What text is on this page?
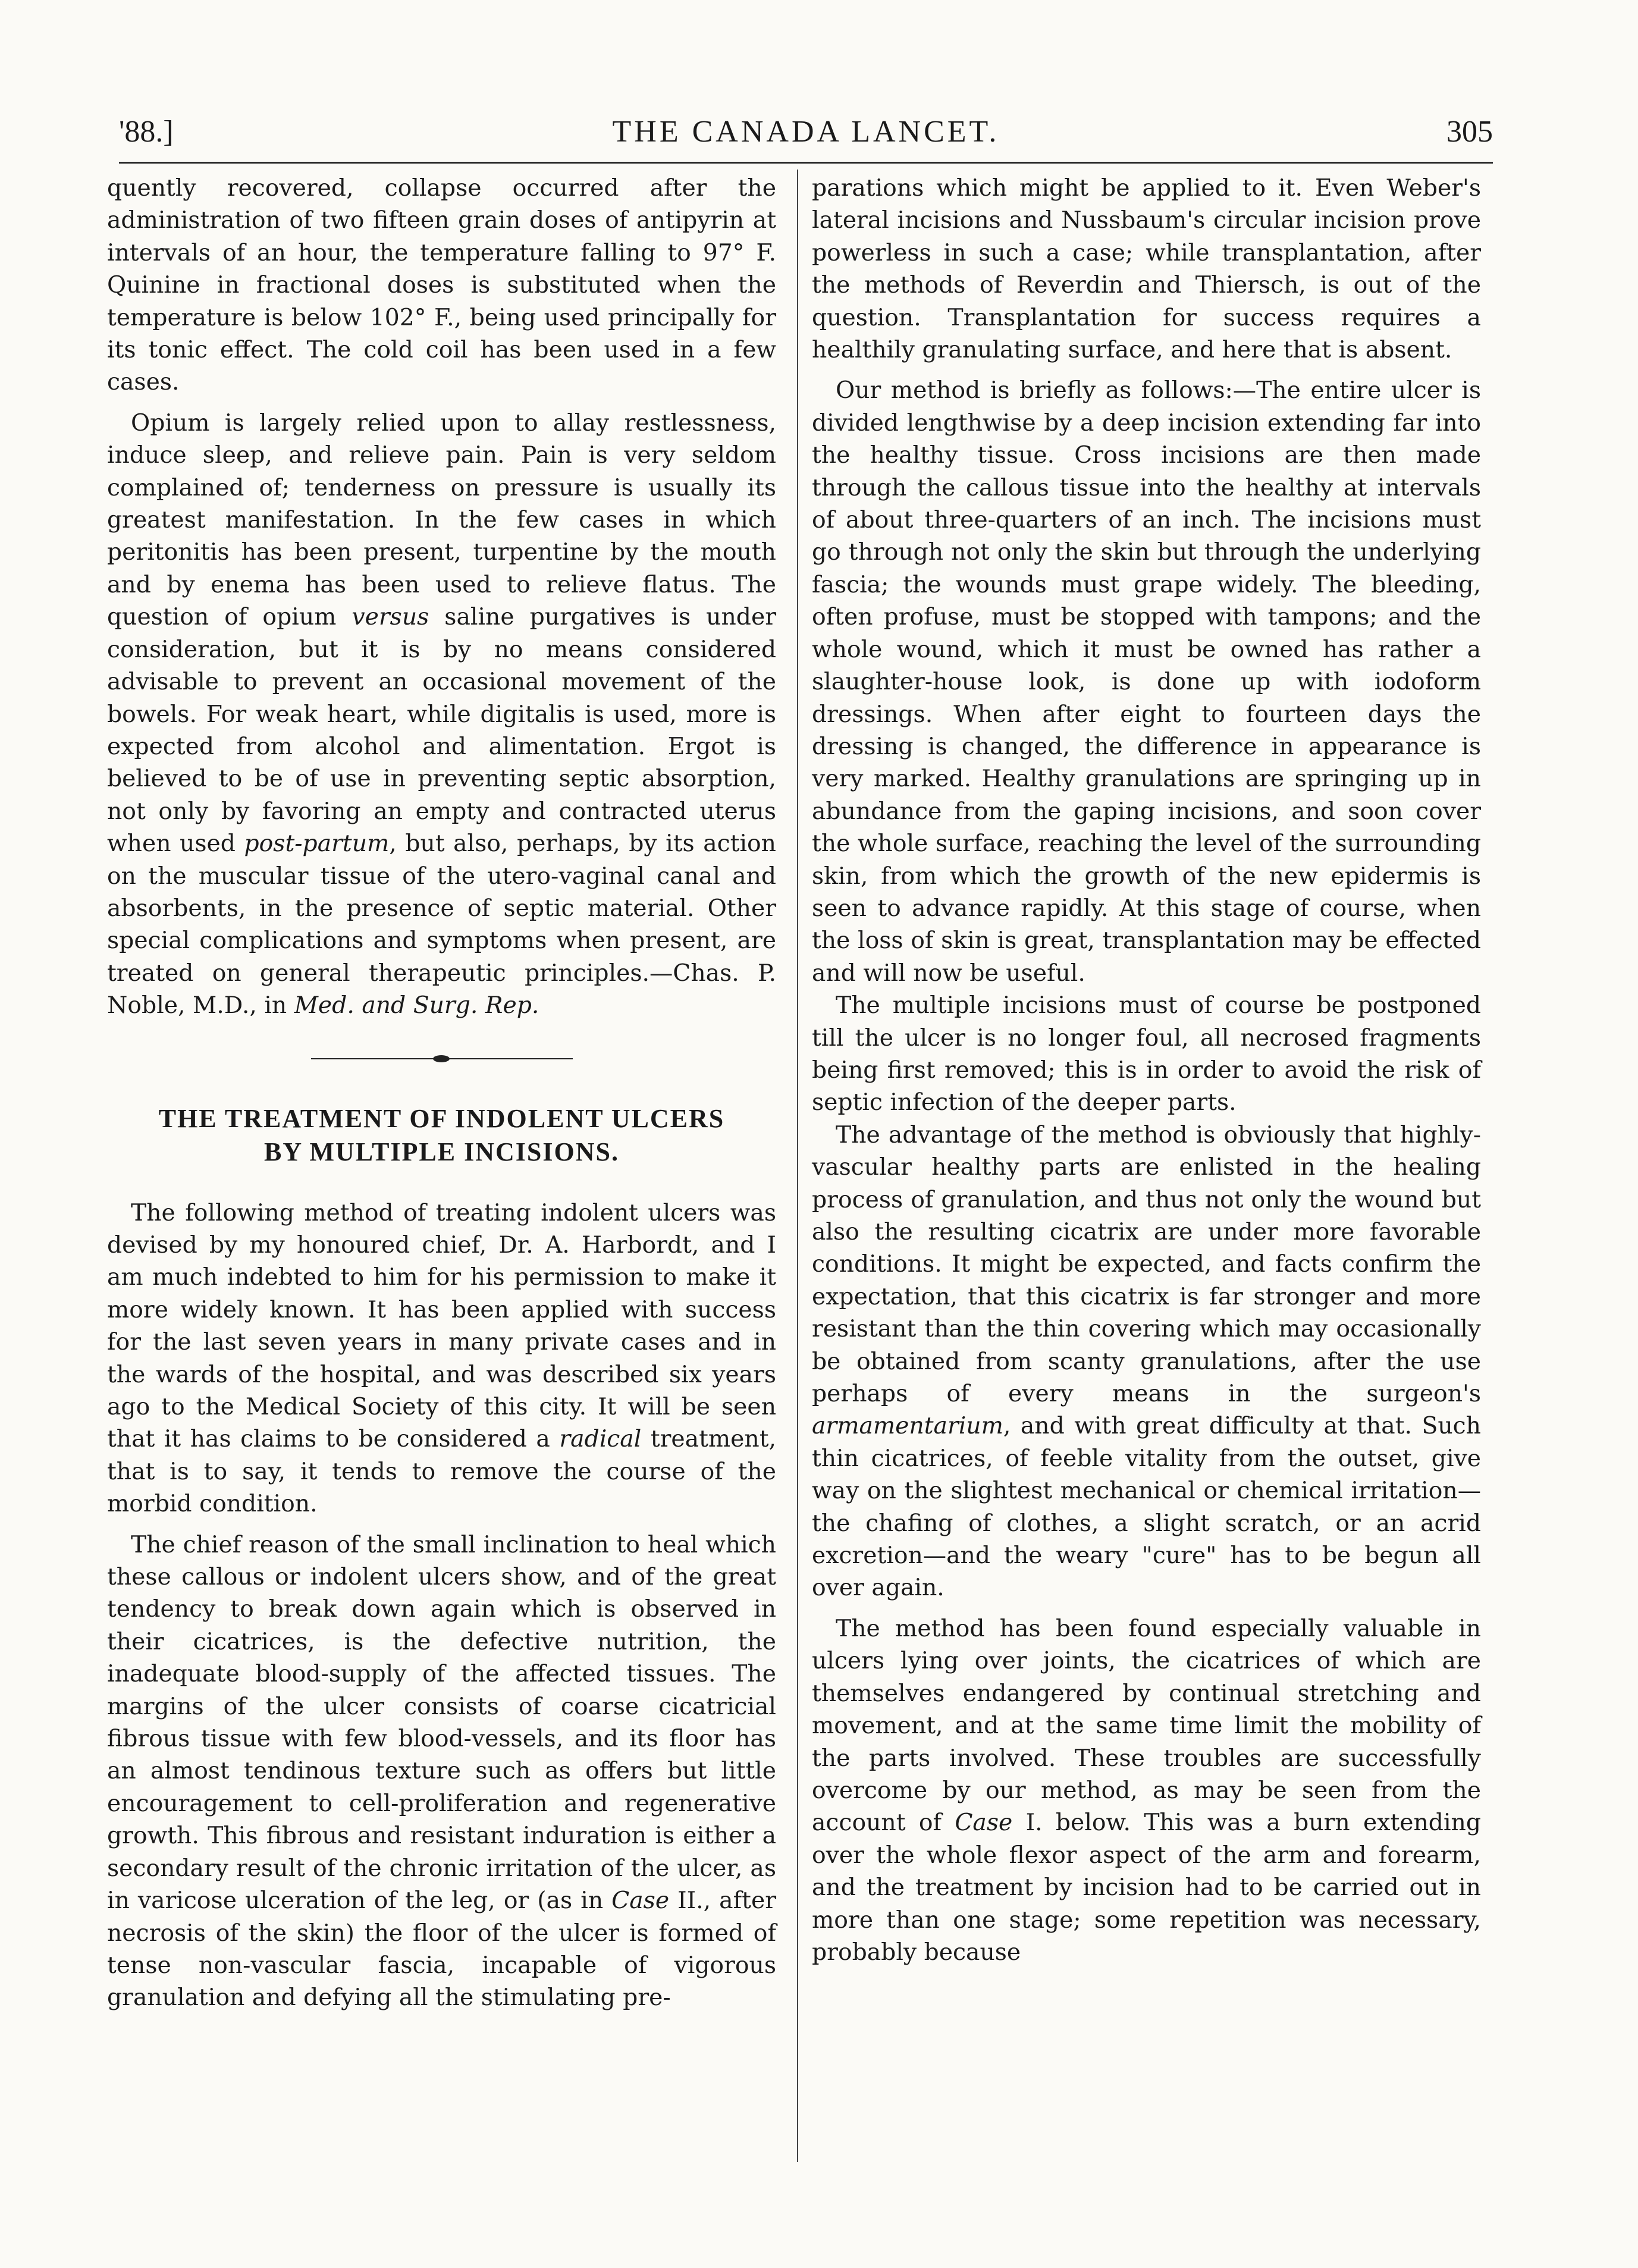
'88.]	THE CANADA LANCET.	305

quently recovered, collapse occurred after the administration of two fifteen grain doses of antipyrin at intervals of an hour, the temperature falling to 97° F. Quinine in fractional doses is substituted when the temperature is below 102° F., being used principally for its tonic effect. The cold coil has been used in a few cases.

Opium is largely relied upon to allay restlessness, induce sleep, and relieve pain. Pain is very seldom complained of; tenderness on pressure is usually its greatest manifestation. In the few cases in which peritonitis has been present, turpentine by the mouth and by enema has been used to relieve flatus. The question of opium versus saline purgatives is under consideration, but it is by no means considered advisable to prevent an occasional movement of the bowels. For weak heart, while digitalis is used, more is expected from alcohol and alimentation. Ergot is believed to be of use in preventing septic absorption, not only by favoring an empty and contracted uterus when used post-partum, but also, perhaps, by its action on the muscular tissue of the utero-vaginal canal and absorbents, in the presence of septic material. Other special complications and symptoms when present, are treated on general therapeutic principles.—Chas. P. Noble, M.D., in Med. and Surg. Rep.

THE TREATMENT OF INDOLENT ULCERS
BY MULTIPLE INCISIONS.

The following method of treating indolent ulcers was devised by my honoured chief, Dr. A. Harbordt, and I am much indebted to him for his permission to make it more widely known. It has been applied with success for the last seven years in many private cases and in the wards of the hospital, and was described six years ago to the Medical Society of this city. It will be seen that it has claims to be considered a radical treatment, that is to say, it tends to remove the course of the morbid condition.

The chief reason of the small inclination to heal which these callous or indolent ulcers show, and of the great tendency to break down again which is observed in their cicatrices, is the defective nutrition, the inadequate blood-supply of the affected tissues. The margins of the ulcer consists of coarse cicatricial fibrous tissue with few blood-vessels, and its floor has an almost tendinous texture such as offers but little encouragement to cell-proliferation and regenerative growth. This fibrous and resistant induration is either a secondary result of the chronic irritation of the ulcer, as in varicose ulceration of the leg, or (as in Case II., after necrosis of the skin) the floor of the ulcer is formed of tense non-vascular fascia, incapable of vigorous granulation and defying all the stimulating pre-

parations which might be applied to it. Even Weber's lateral incisions and Nussbaum's circular incision prove powerless in such a case; while transplantation, after the methods of Reverdin and Thiersch, is out of the question. Transplantation for success requires a healthily granulating surface, and here that is absent.

Our method is briefly as follows:—The entire ulcer is divided lengthwise by a deep incision extending far into the healthy tissue. Cross incisions are then made through the callous tissue into the healthy at intervals of about three-quarters of an inch. The incisions must go through not only the skin but through the underlying fascia; the wounds must grape widely. The bleeding, often profuse, must be stopped with tampons; and the whole wound, which it must be owned has rather a slaughter-house look, is done up with iodoform dressings. When after eight to fourteen days the dressing is changed, the difference in appearance is very marked. Healthy granulations are springing up in abundance from the gaping incisions, and soon cover the whole surface, reaching the level of the surrounding skin, from which the growth of the new epidermis is seen to advance rapidly. At this stage of course, when the loss of skin is great, transplantation may be effected and will now be useful.

The multiple incisions must of course be postponed till the ulcer is no longer foul, all necrosed fragments being first removed; this is in order to avoid the risk of septic infection of the deeper parts.

The advantage of the method is obviously that highly-vascular healthy parts are enlisted in the healing process of granulation, and thus not only the wound but also the resulting cicatrix are under more favorable conditions. It might be expected, and facts confirm the expectation, that this cicatrix is far stronger and more resistant than the thin covering which may occasionally be obtained from scanty granulations, after the use perhaps of every means in the surgeon's armamentarium, and with great difficulty at that. Such thin cicatrices, of feeble vitality from the outset, give way on the slightest mechanical or chemical irritation—the chafing of clothes, a slight scratch, or an acrid excretion—and the weary "cure" has to be begun all over again.

The method has been found especially valuable in ulcers lying over joints, the cicatrices of which are themselves endangered by continual stretching and movement, and at the same time limit the mobility of the parts involved. These troubles are successfully overcome by our method, as may be seen from the account of Case I. below. This was a burn extending over the whole flexor aspect of the arm and forearm, and the treatment by incision had to be carried out in more than one stage; some repetition was necessary, probably because
